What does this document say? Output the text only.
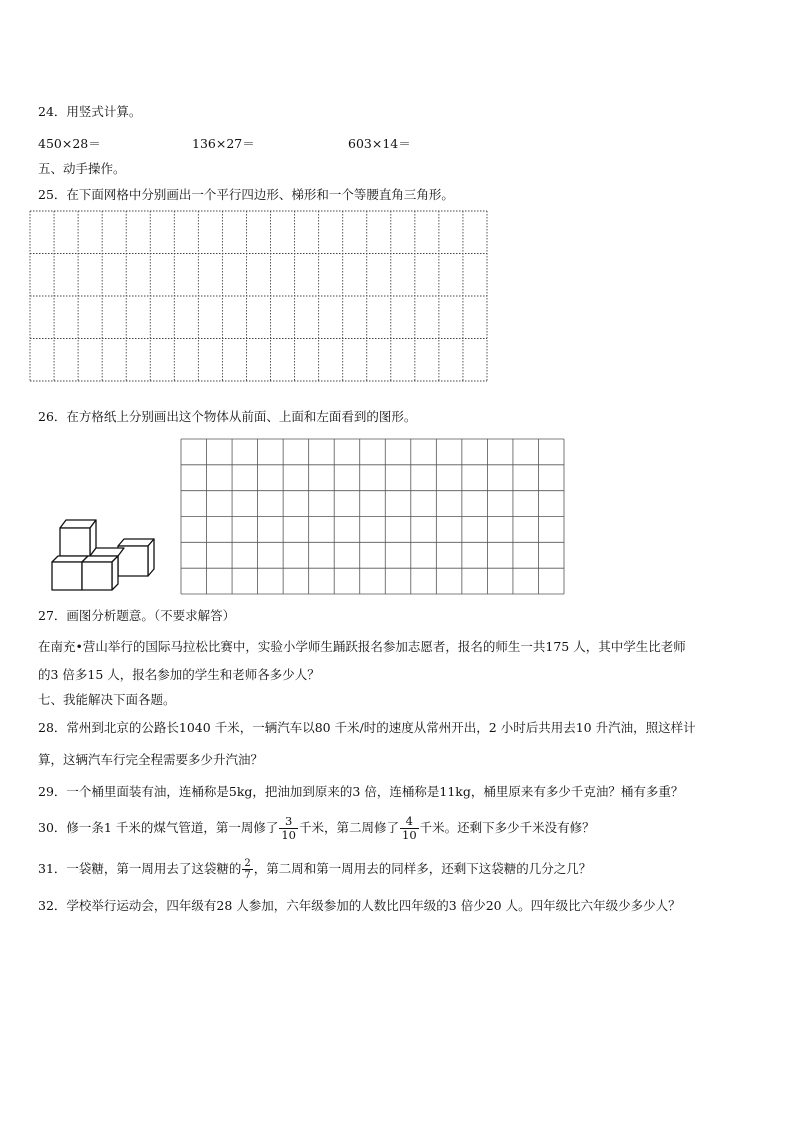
24．用竖式计算。
450×28＝	136×27＝	603×14＝
五、动手操作。
25．在下面网格中分别画出一个平行四边形、梯形和一个等腰直角三角形。
26．在方格纸上分别画出这个物体从前面、上面和左面看到的图形。
27．画图分析题意。（不要求解答）
在南充•营山举行的国际马拉松比赛中，实验小学师生踊跃报名参加志愿者，报名的师生一共175 人，其中学生比老师
的3 倍多15 人，报名参加的学生和老师各多少人？
七、我能解决下面各题。
28．常州到北京的公路长1040 千米，一辆汽车以80 千米/时的速度从常州开出，2 小时后共用去10 升汽油，照这样计
算，这辆汽车行完全程需要多少升汽油？
29．一个桶里面装有油，连桶称是5kg，把油加到原来的3 倍，连桶称是11kg，桶里原来有多少千克油？桶有多重？
30．修一条1 千米的煤气管道，第一周修了 $\frac{3}{10}$ 千米，第二周修了 $\frac{4}{10}$ 千米。还剩下多少千米没有修？
31．一袋糖，第一周用去了这袋糖的 $\frac{2}{7}$ ，第二周和第一周用去的同样多，还剩下这袋糖的几分之几？
32．学校举行运动会，四年级有28 人参加，六年级参加的人数比四年级的3 倍少20 人。四年级比六年级少多少人？
